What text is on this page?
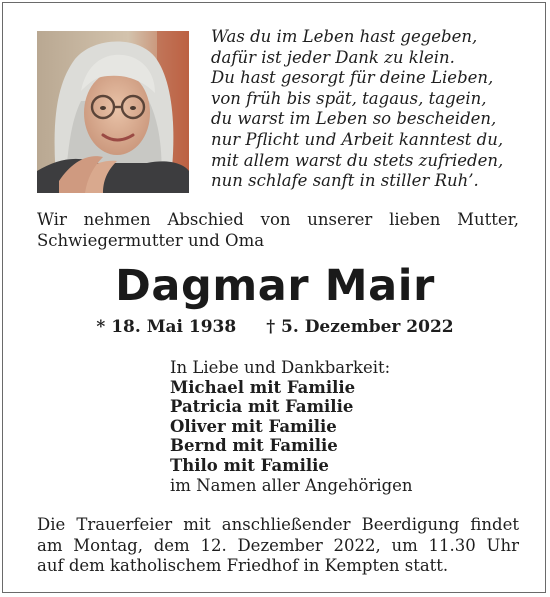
Was du im Leben hast gegeben,
dafür ist jeder Dank zu klein.
Du hast gesorgt für deine Lieben,
von früh bis spät, tagaus, tagein,
du warst im Leben so bescheiden,
nur Pflicht und Arbeit kanntest du,
mit allem warst du stets zufrieden,
nun schlafe sanft in stiller Ruh’.
Wir nehmen Abschied von unserer lieben Mutter,
Schwiegermutter und Oma
Dagmar Mair
* 18. Mai 1938 † 5. Dezember 2022
In Liebe und Dankbarkeit:
Michael mit Familie
Patricia mit Familie
Oliver mit Familie
Bernd mit Familie
Thilo mit Familie
im Namen aller Angehörigen
Die Trauerfeier mit anschließender Beerdigung findet
am Montag, dem 12. Dezember 2022, um 11.30 Uhr
auf dem katholischem Friedhof in Kempten statt.
